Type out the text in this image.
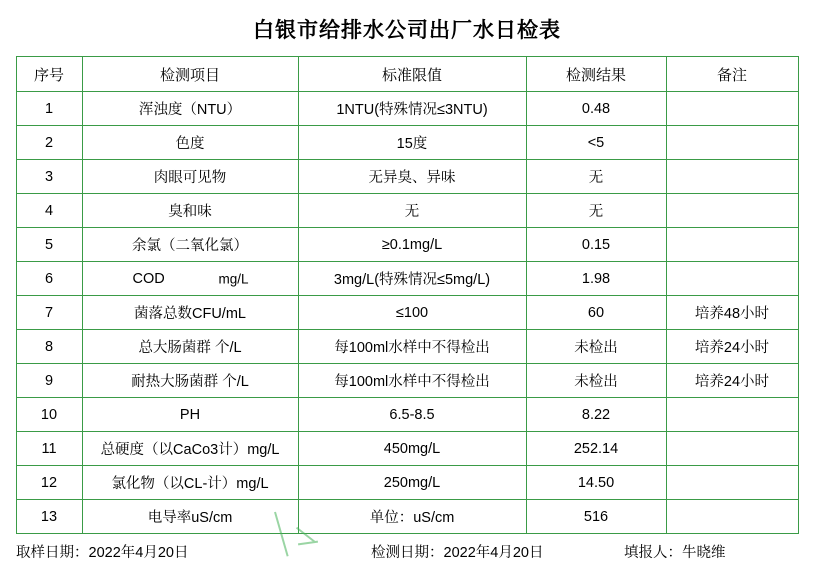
白银市给排水公司出厂水日检表
序号	检测项目	标准限值	检测结果	备注
1	浑浊度（NTU）	1NTU(特殊情况≤3NTU)	0.48	
2	色度	15度	<5	
3	肉眼可见物	无异臭、异味	无	
4	臭和味	无	无	
5	余氯（二氧化氯）	≥0.1mg/L	0.15	
6	COD mg/L	3mg/L(特殊情况≤5mg/L)	1.98	
7	菌落总数CFU/mL	≤100	60	培养48小时
8	总大肠菌群 个/L	每100ml水样中不得检出	未检出	培养24小时
9	耐热大肠菌群 个/L	每100ml水样中不得检出	未检出	培养24小时
10	PH	6.5-8.5	8.22	
11	总硬度（以CaCo3计）mg/L	450mg/L	252.14	
12	氯化物（以CL-计）mg/L	250mg/L	14.50	
13	电导率uS/cm	单位：uS/cm	516	
取样日期：2022年4月20日	检测日期：2022年4月20日	填报人：牛晓维
